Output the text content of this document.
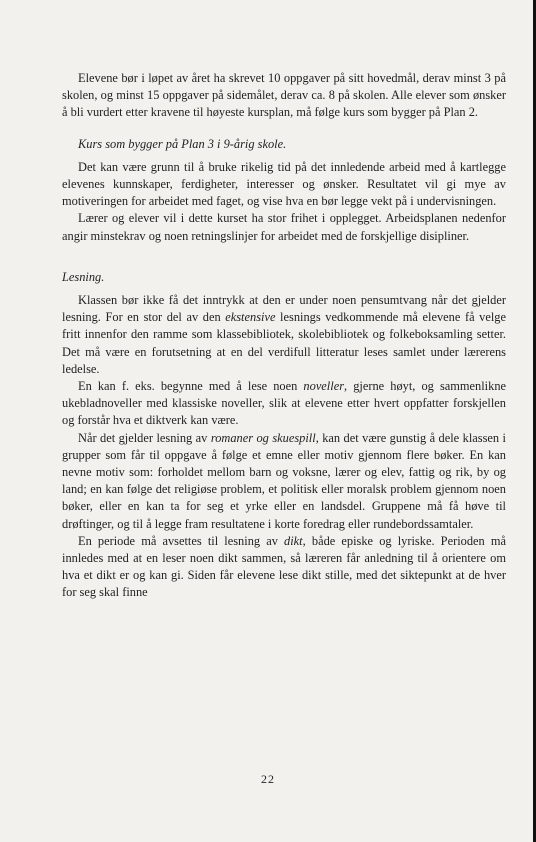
Elevene bør i løpet av året ha skrevet 10 oppgaver på sitt hovedmål, derav minst 3 på skolen, og minst 15 oppgaver på sidemålet, derav ca. 8 på skolen. Alle elever som ønsker å bli vurdert etter kravene til høyeste kursplan, må følge kurs som bygger på Plan 2.

Kurs som bygger på Plan 3 i 9-årig skole.

Det kan være grunn til å bruke rikelig tid på det innledende arbeid med å kartlegge elevenes kunnskaper, ferdigheter, interesser og ønsker. Resultatet vil gi mye av motiveringen for arbeidet med faget, og vise hva en bør legge vekt på i undervisningen.

Lærer og elever vil i dette kurset ha stor frihet i opplegget. Arbeidsplanen nedenfor angir minstekrav og noen retningslinjer for arbeidet med de forskjellige disipliner.

Lesning.

Klassen bør ikke få det inntrykk at den er under noen pensumtvang når det gjelder lesning. For en stor del av den ekstensive lesnings vedkommende må elevene få velge fritt innenfor den ramme som klassebibliotek, skolebibliotek og folkeboksamling setter. Det må være en forutsetning at en del verdifull litteratur leses samlet under lærerens ledelse.

En kan f. eks. begynne med å lese noen noveller, gjerne høyt, og sammenlikne ukebladnoveller med klassiske noveller, slik at elevene etter hvert oppfatter forskjellen og forstår hva et diktverk kan være.

Når det gjelder lesning av romaner og skuespill, kan det være gunstig å dele klassen i grupper som får til oppgave å følge et emne eller motiv gjennom flere bøker. En kan nevne motiv som: forholdet mellom barn og voksne, lærer og elev, fattig og rik, by og land; en kan følge det religiøse problem, et politisk eller moralsk problem gjennom noen bøker, eller en kan ta for seg et yrke eller en landsdel. Gruppene må få høve til drøftinger, og til å legge fram resultatene i korte foredrag eller rundebordssamtaler.

En periode må avsettes til lesning av dikt, både episke og lyriske. Perioden må innledes med at en leser noen dikt sammen, så læreren får anledning til å orientere om hva et dikt er og kan gi. Siden får elevene lese dikt stille, med det siktepunkt at de hver for seg skal finne

22
